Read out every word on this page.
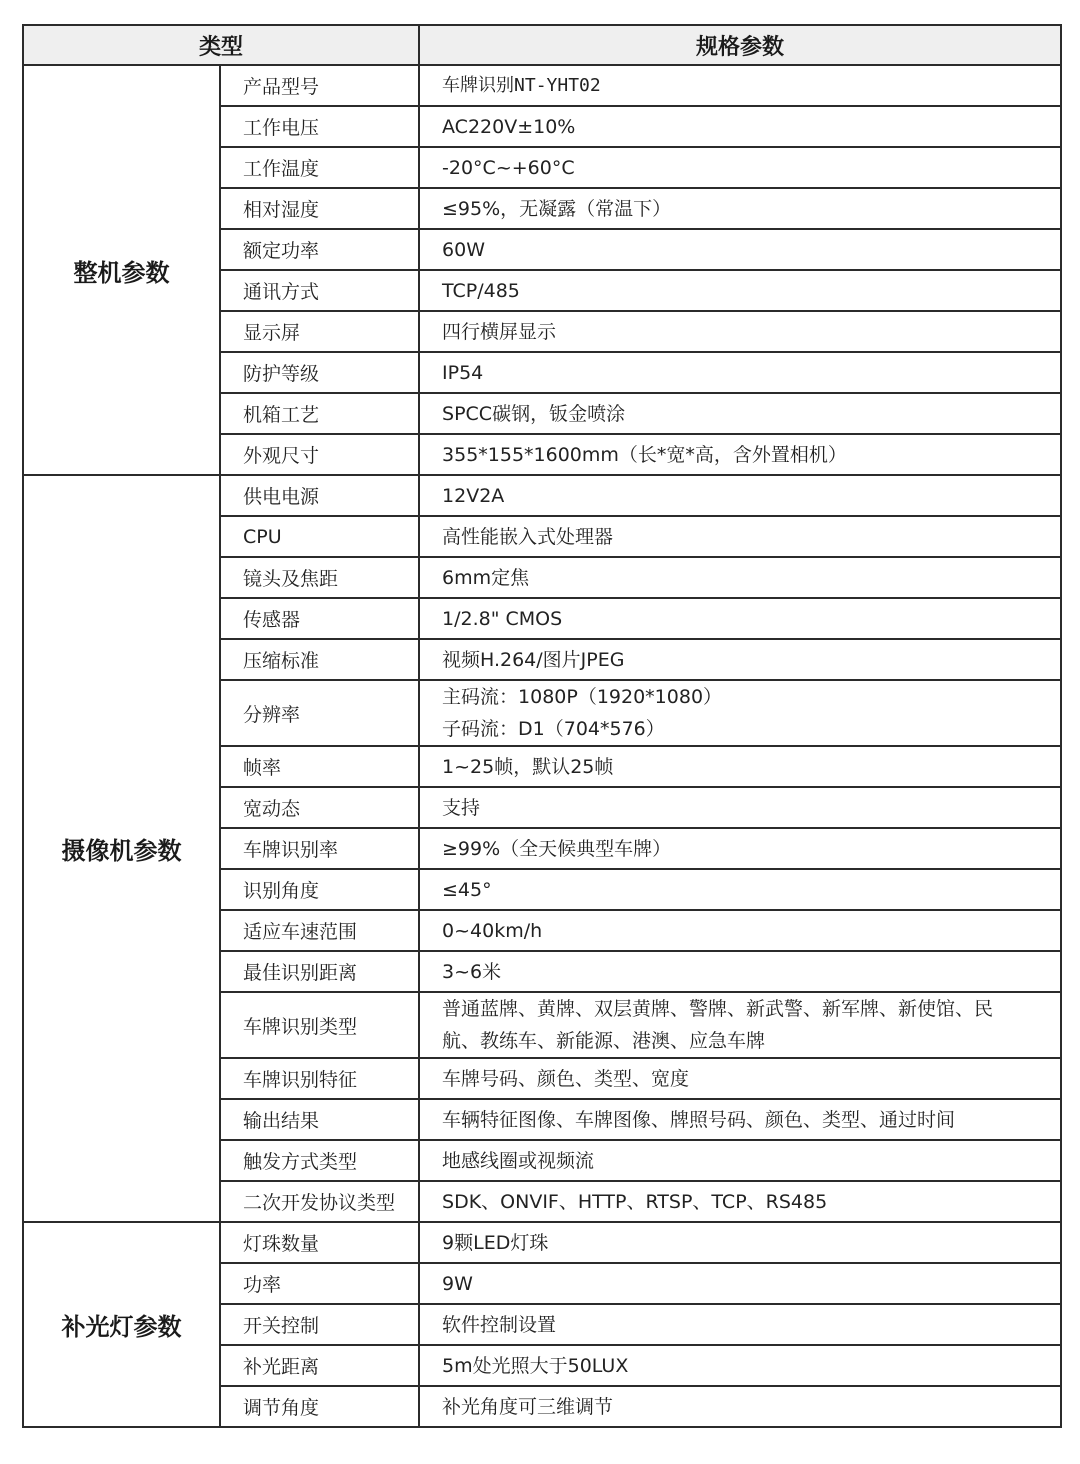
类型		规格参数
整机参数	产品型号	车牌识别NT-YHT02

	工作电压	AC220V±10%

	工作温度	-20°C~+60°C

	相对湿度	≤95%，无凝露（常温下）

	额定功率	60W

	通讯方式	TCP/485

	显示屏	四行横屏显示

	防护等级	IP54

	机箱工艺	SPCC碳钢，钣金喷涂

	外观尺寸	355*155*1600mm（长*宽*高，含外置相机）

摄像机参数	供电电源	12V2A

	CPU	高性能嵌入式处理器

	镜头及焦距	6mm定焦

	传感器	1/2.8" CMOS

	压缩标准	视频H.264/图片JPEG

	分辨率	主码流：1080P（1920*1080）
子码流：D1（704*576）

	帧率	1~25帧，默认25帧

	宽动态	支持

	车牌识别率	≥99%（全天候典型车牌）

	识别角度	≤45°

	适应车速范围	0~40km/h

	最佳识别距离	3~6米

	车牌识别类型	普通蓝牌、黄牌、双层黄牌、警牌、新武警、新军牌、新使馆、民
航、教练车、新能源、港澳、应急车牌

	车牌识别特征	车牌号码、颜色、类型、宽度

	输出结果	车辆特征图像、车牌图像、牌照号码、颜色、类型、通过时间

	触发方式类型	地感线圈或视频流

	二次开发协议类型	SDK、ONVIF、HTTP、RTSP、TCP、RS485

补光灯参数	灯珠数量	9颗LED灯珠

	功率	9W

	开关控制	软件控制设置

	补光距离	5m处光照大于50LUX

	调节角度	补光角度可三维调节
